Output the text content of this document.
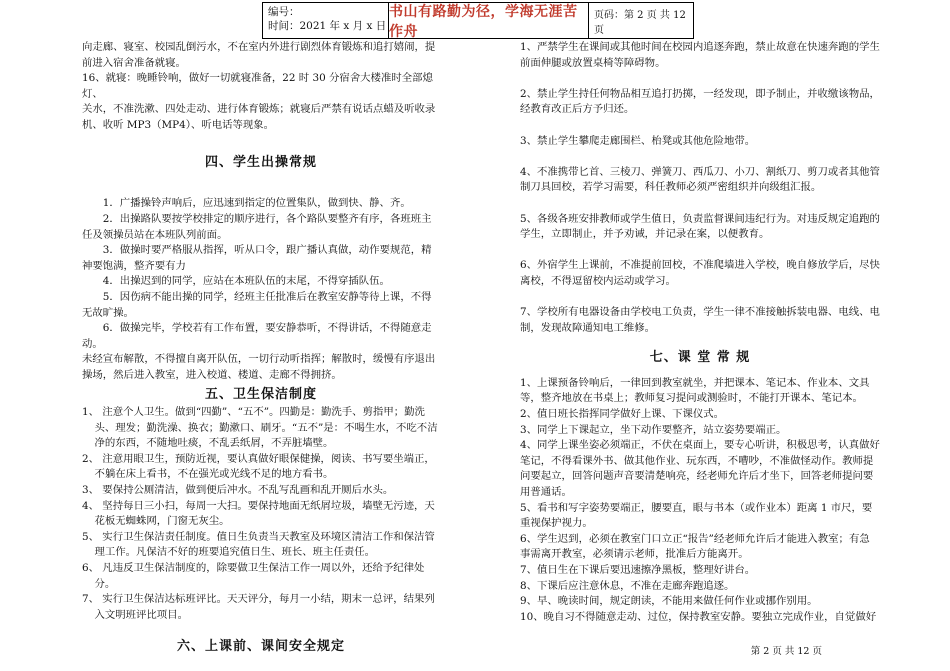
编号：
时间：2021 年 x 月 x 日
书山有路勤为径，学海无涯苦作舟
页码：第 2 页 共 12 页
向走廊、寝室、校园乱倒污水，不在室内外进行剧烈体育锻炼和追打嬉闹，提
前进入宿舍准备就寝。
16、就寝：晚睡铃响，做好一切就寝准备，22 时 30 分宿舍大楼准时全部熄灯、
关水，不准洗漱、四处走动、进行体育锻炼；就寝后严禁有说话点蜡及听收录
机、收听 MP3（MP4）、听电话等现象。
四、学生出操常规
1．广播操铃声响后，应迅速到指定的位置集队，做到快、静、齐。
2．出操路队要按学校排定的顺序进行，各个路队要整齐有序，各班班主
任及领操员站在本班队列前面。
3．做操时要严格服从指挥，听从口令，跟广播认真做，动作要规范，精
神要饱满，整齐要有力
4．出操迟到的同学，应站在本班队伍的末尾，不得穿插队伍。
5．因伤病不能出操的同学，经班主任批准后在教室安静等待上课，不得
无故旷操。
6．做操完毕，学校若有工作布置，要安静恭听，不得讲话，不得随意走动。
未经宣布解散，不得擅自离开队伍，一切行动听指挥；解散时，缓慢有序退出
操场，然后进入教室，进入校道、楼道、走廊不得拥挤。
五、卫生保洁制度
1、 注意个人卫生。做到“四勤”、“五不”。四勤是：勤洗手、剪指甲；勤洗头、理发；勤洗澡、换衣；勤漱口、刷牙。“五不”是：不喝生水，不吃不洁净的东西，不随地吐痰，不乱丢纸屑，不弄脏墙壁。
2、 注意用眼卫生，预防近视，要认真做好眼保健操，阅读、书写要坐端正，不躺在床上看书，不在强光或光线不足的地方看书。
3、 要保持公厕清洁，做到便后冲水。不乱写乱画和乱开厕后水头。
4、 坚持每日三小扫，每周一大扫。要保持地面无纸屑垃圾，墙壁无污迹，天花板无蜘蛛网，门窗无灰尘。
5、 实行卫生保洁责任制度。值日生负责当天教室及环境区清洁工作和保洁管理工作。凡保洁不好的班要追究值日生、班长、班主任责任。
6、 凡违反卫生保洁制度的，除要做卫生保洁工作一周以外，还给予纪律处分。
7、 实行卫生保洁达标班评比。天天评分，每月一小结，期末一总评，结果列入文明班评比项目。
六、上课前、课间安全规定
1、严禁学生在课间或其他时间在校园内追逐奔跑，禁止故意在快速奔跑的学生前面伸腿或放置桌椅等障碍物。
2、禁止学生持任何物品相互追打扔掷，一经发现，即予制止，并收缴该物品，经教育改正后方予归还。
3、禁止学生攀爬走廊围栏、枱凳或其他危险地带。
4、不准携带匕首、三棱刀、弹簧刀、西瓜刀、小刀、割纸刀、剪刀或者其他管制刀具回校，若学习需要，科任教师必须严密组织并向级组汇报。
5、各级各班安排教师或学生值日，负责监督课间违纪行为。对违反规定追跑的学生，立即制止，并予劝诫，并记录在案，以便教育。
6、外宿学生上课前，不准提前回校，不准爬墙进入学校，晚自修放学后，尽快离校，不得逗留校内运动或学习。
7、学校所有电器设备由学校电工负责，学生一律不准接触拆装电器、电线、电制，发现故障通知电工维修。
七、课 堂 常 规
1、上课预备铃响后，一律回到教室就坐，并把课本、笔记本、作业本、文具等，整齐地放在书桌上；教师复习提问或测验时，不能打开课本、笔记本。
2、值日班长指挥同学做好上课、下课仪式。
3、同学上下课起立，坐下动作要整齐，站立姿势要端正。
4、同学上课坐姿必须端正，不伏在桌面上，要专心听讲，积极思考，认真做好笔记，不得看课外书、做其他作业、玩东西，不嘈吵，不准做怪动作。教师提问要起立，回答问题声音要清楚响亮，经老师允许后才坐下，回答老师提问要用普通话。
5、看书和写字姿势要端正，腰要直，眼与书本（或作业本）距离 1 市尺，要重视保护视力。
6、学生迟到，必须在教室门口立正“报告”经老师允许后才能进入教室；有急事需离开教室，必须请示老师，批准后方能离开。
7、值日生在下课后要迅速擦净黑板，整理好讲台。
8、下课后应注意休息，不准在走廊奔跑追逐。
9、早、晚读时间，规定朗读，不能用来做任何作业或挪作别用。
10、晚自习不得随意走动、过位，保持教室安静。要独立完成作业，自觉做好
第 2 页 共 12 页
